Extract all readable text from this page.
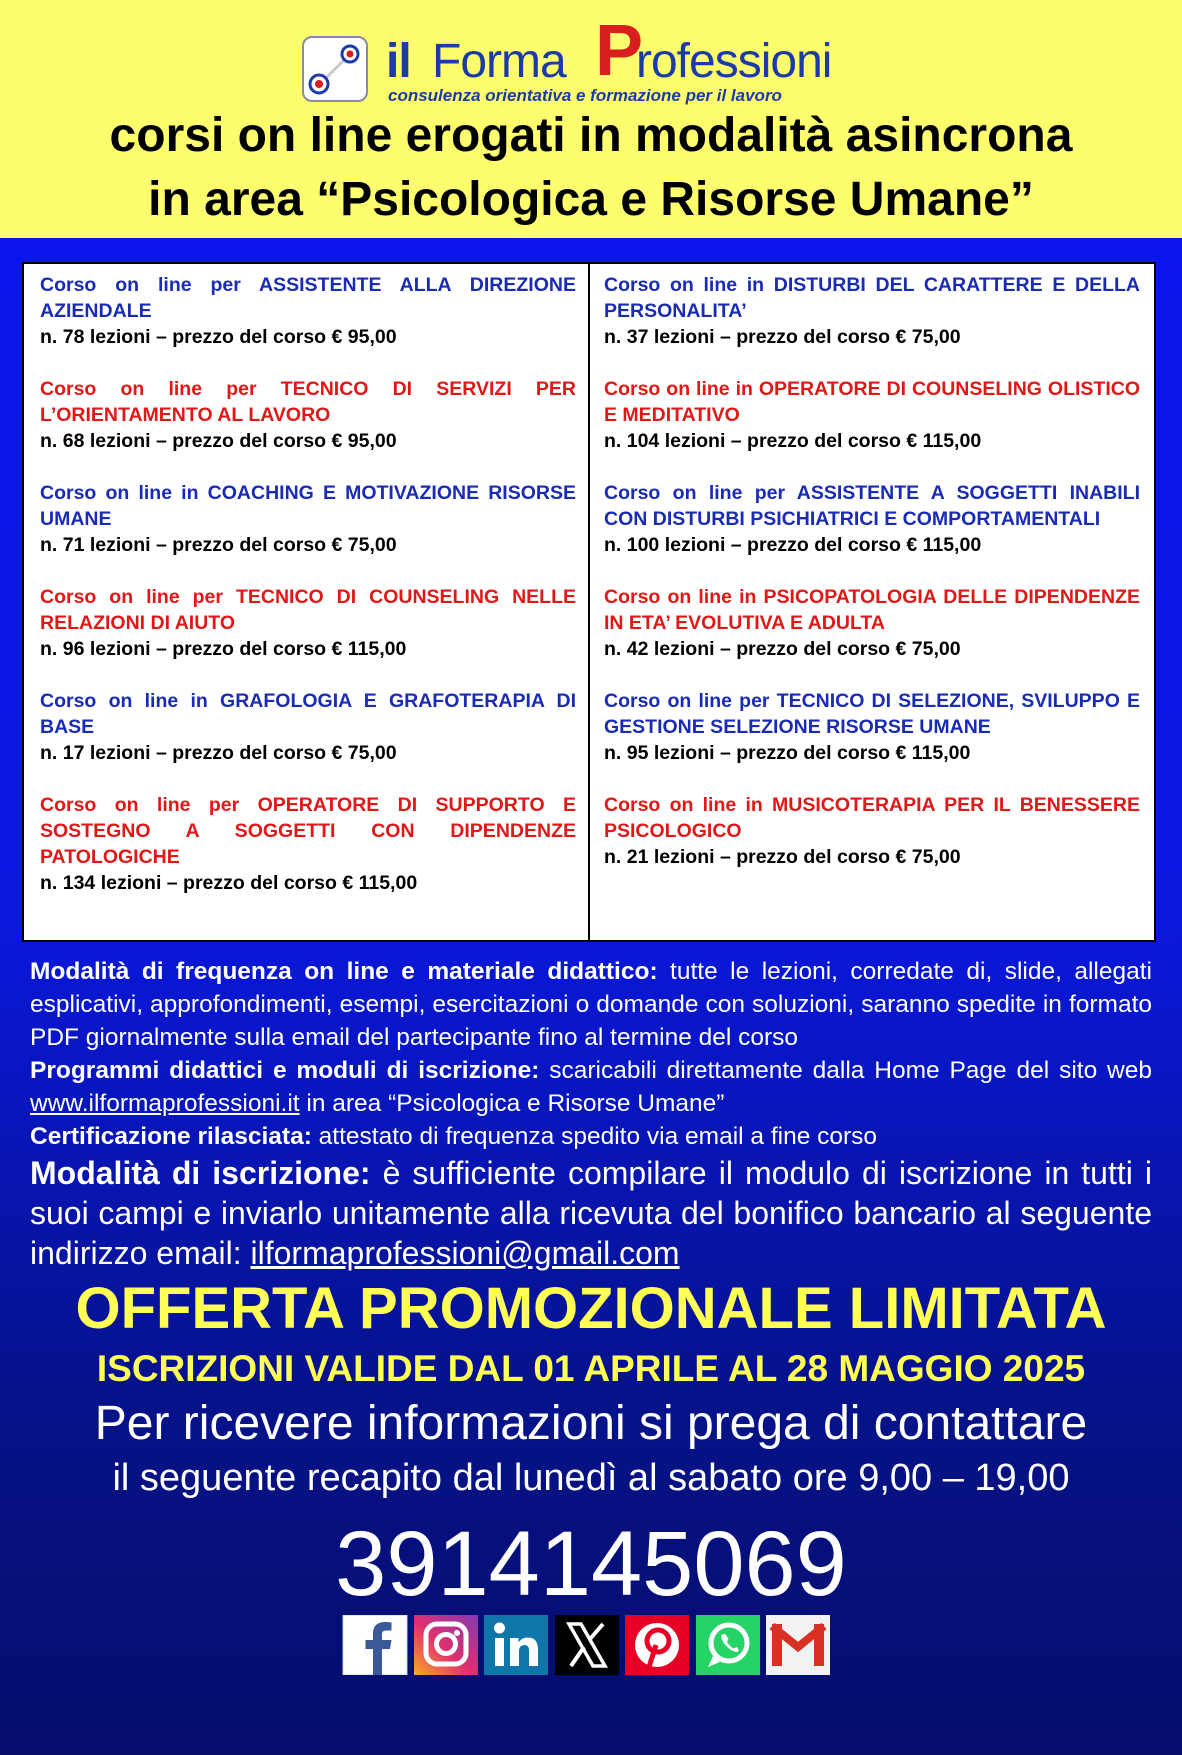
il Forma P
rofessioni
consulenza orientativa e formazione per il lavoro
corsi on line erogati in modalità asincrona
in area “Psicologica e Risorse Umane”
Corso on line per ASSISTENTE ALLA DIREZIONE AZIENDALE
n. 78 lezioni – prezzo del corso € 95,00
Corso on line per TECNICO DI SERVIZI PER L’ORIENTAMENTO AL LAVORO
n. 68 lezioni – prezzo del corso € 95,00
Corso on line in COACHING E MOTIVAZIONE RISORSE UMANE
n. 71 lezioni – prezzo del corso € 75,00
Corso on line per TECNICO DI COUNSELING NELLE RELAZIONI DI AIUTO
n. 96 lezioni – prezzo del corso € 115,00
Corso on line in GRAFOLOGIA E GRAFOTERAPIA DI BASE
n. 17 lezioni – prezzo del corso € 75,00
Corso on line per OPERATORE DI SUPPORTO E SOSTEGNO A SOGGETTI CON DIPENDENZE PATOLOGICHE
n. 134 lezioni – prezzo del corso € 115,00
Corso on line in DISTURBI DEL CARATTERE E DELLA PERSONALITA’
n. 37 lezioni – prezzo del corso € 75,00
Corso on line in OPERATORE DI COUNSELING OLISTICO E MEDITATIVO
n. 104 lezioni – prezzo del corso € 115,00
Corso on line per ASSISTENTE A SOGGETTI INABILI CON DISTURBI PSICHIATRICI E COMPORTAMENTALI
n. 100 lezioni – prezzo del corso € 115,00
Corso on line in PSICOPATOLOGIA DELLE DIPENDENZE IN ETA’ EVOLUTIVA E ADULTA
n. 42 lezioni – prezzo del corso € 75,00
Corso on line per TECNICO DI SELEZIONE, SVILUPPO E GESTIONE SELEZIONE RISORSE UMANE
n. 95 lezioni – prezzo del corso € 115,00
Corso on line in MUSICOTERAPIA PER IL BENESSERE PSICOLOGICO
n. 21 lezioni – prezzo del corso € 75,00

Modalità di frequenza on line e materiale didattico: tutte le lezioni, corredate di, slide, allegati esplicativi, approfondimenti, esempi, esercitazioni o domande con soluzioni, saranno spedite in formato PDF giornalmente sulla email del partecipante fino al termine del corso

Programmi didattici e moduli di iscrizione: scaricabili direttamente dalla Home Page del sito web www.ilformaprofessioni.it in area “Psicologica e Risorse Umane”

Certificazione rilasciata: attestato di frequenza spedito via email a fine corso

Modalità di iscrizione: è sufficiente compilare il modulo di iscrizione in tutti i suoi campi e inviarlo unitamente alla ricevuta del bonifico bancario al seguente indirizzo email: ilformaprofessioni@gmail.com

OFFERTA PROMOZIONALE LIMITATA
ISCRIZIONI VALIDE DAL 01 APRILE AL 28 MAGGIO 2025
Per ricevere informazioni si prega di contattare
il seguente recapito dal lunedì al sabato ore 9,00 – 19,00
3914145069
